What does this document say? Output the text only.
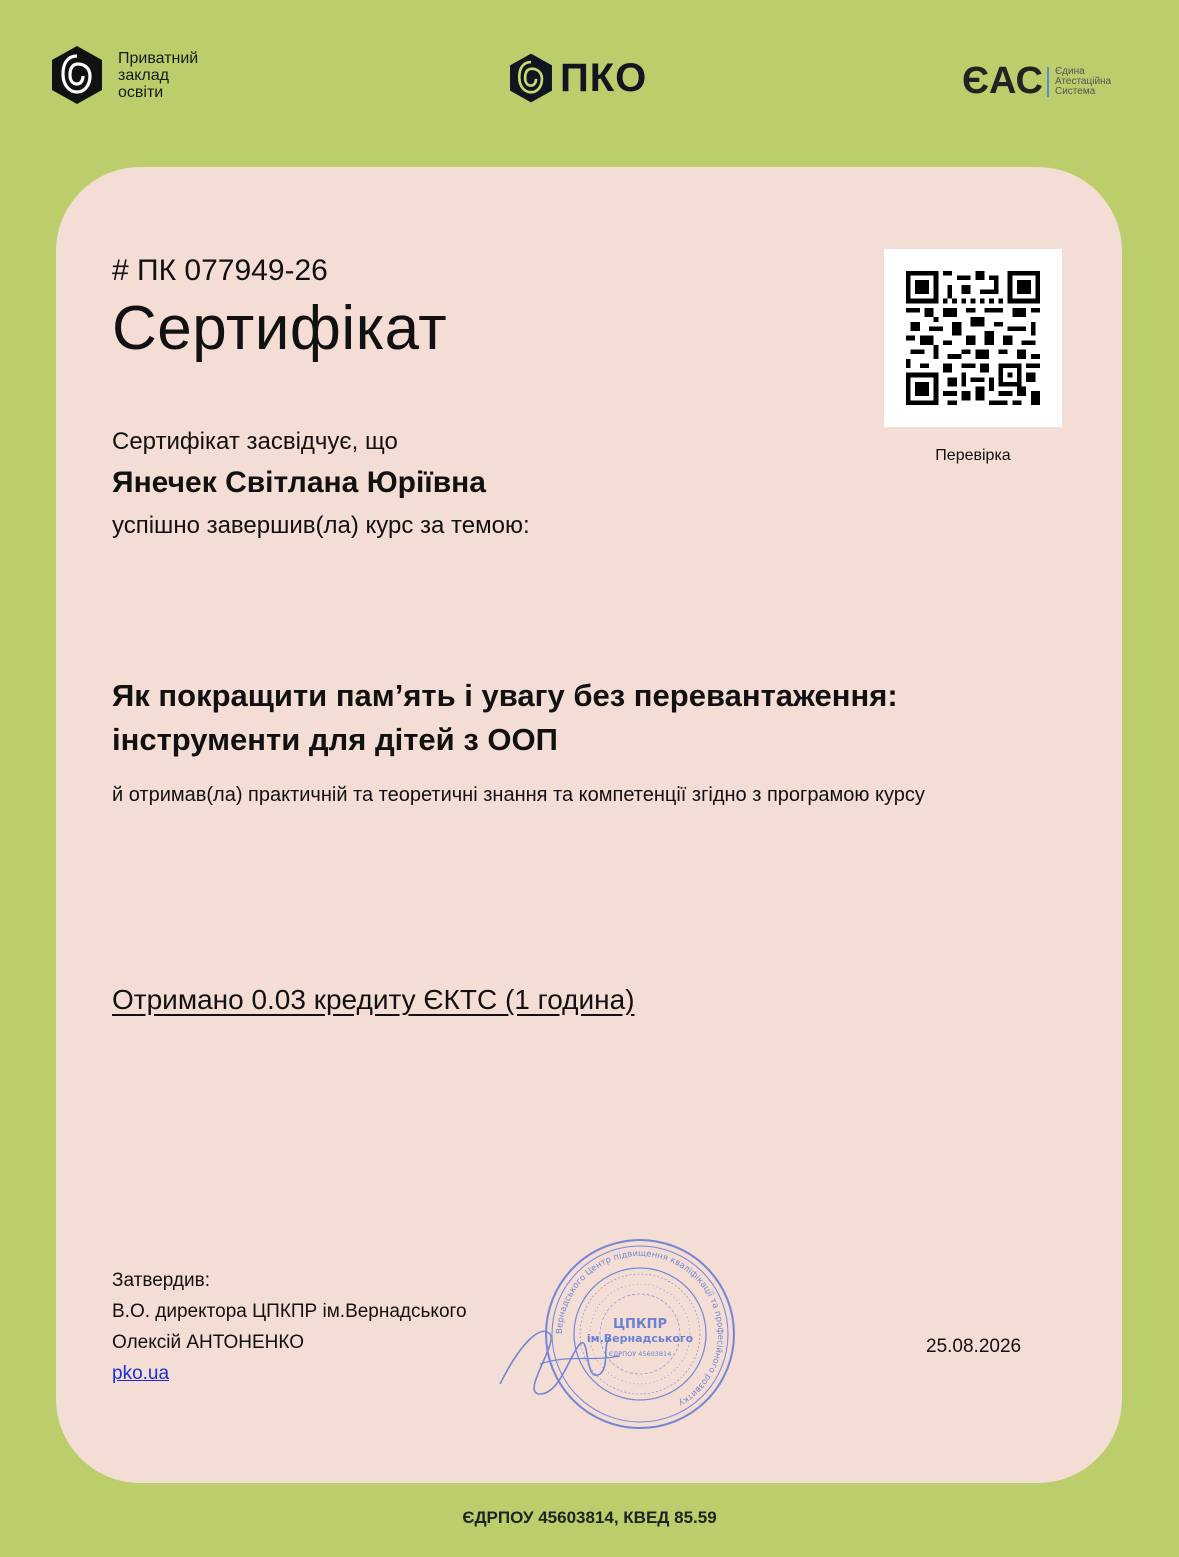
Приватний
заклад
освіти	ПКО	ЄАС Єдина
Атестаційна
Система
# ПК 077949-26
Сертифікат
Перевірка
Сертифікат засвідчує, що
Янечек Світлана Юріївна
успішно завершив(ла) курс за темою:
Як покращити пам’ять і увагу без перевантаження: інструменти для дітей з ООП
й отримав(ла) практичній та теоретичні знання та компетенції згідно з програмою курсу
Отримано 0.03 кредиту ЄКТС (1 година)
Затвердив:
В.О. директора ЦПКПР ім.Вернадського
Олексій АНТОНЕНКО
pko.ua
25.08.2026
Вернадського Центр підвищення кваліфікації та професійного розвитку
ЦПКПР
ім.Вернадського
ЄДРПОУ 45603814
ЄДРПОУ 45603814, КВЕД 85.59
